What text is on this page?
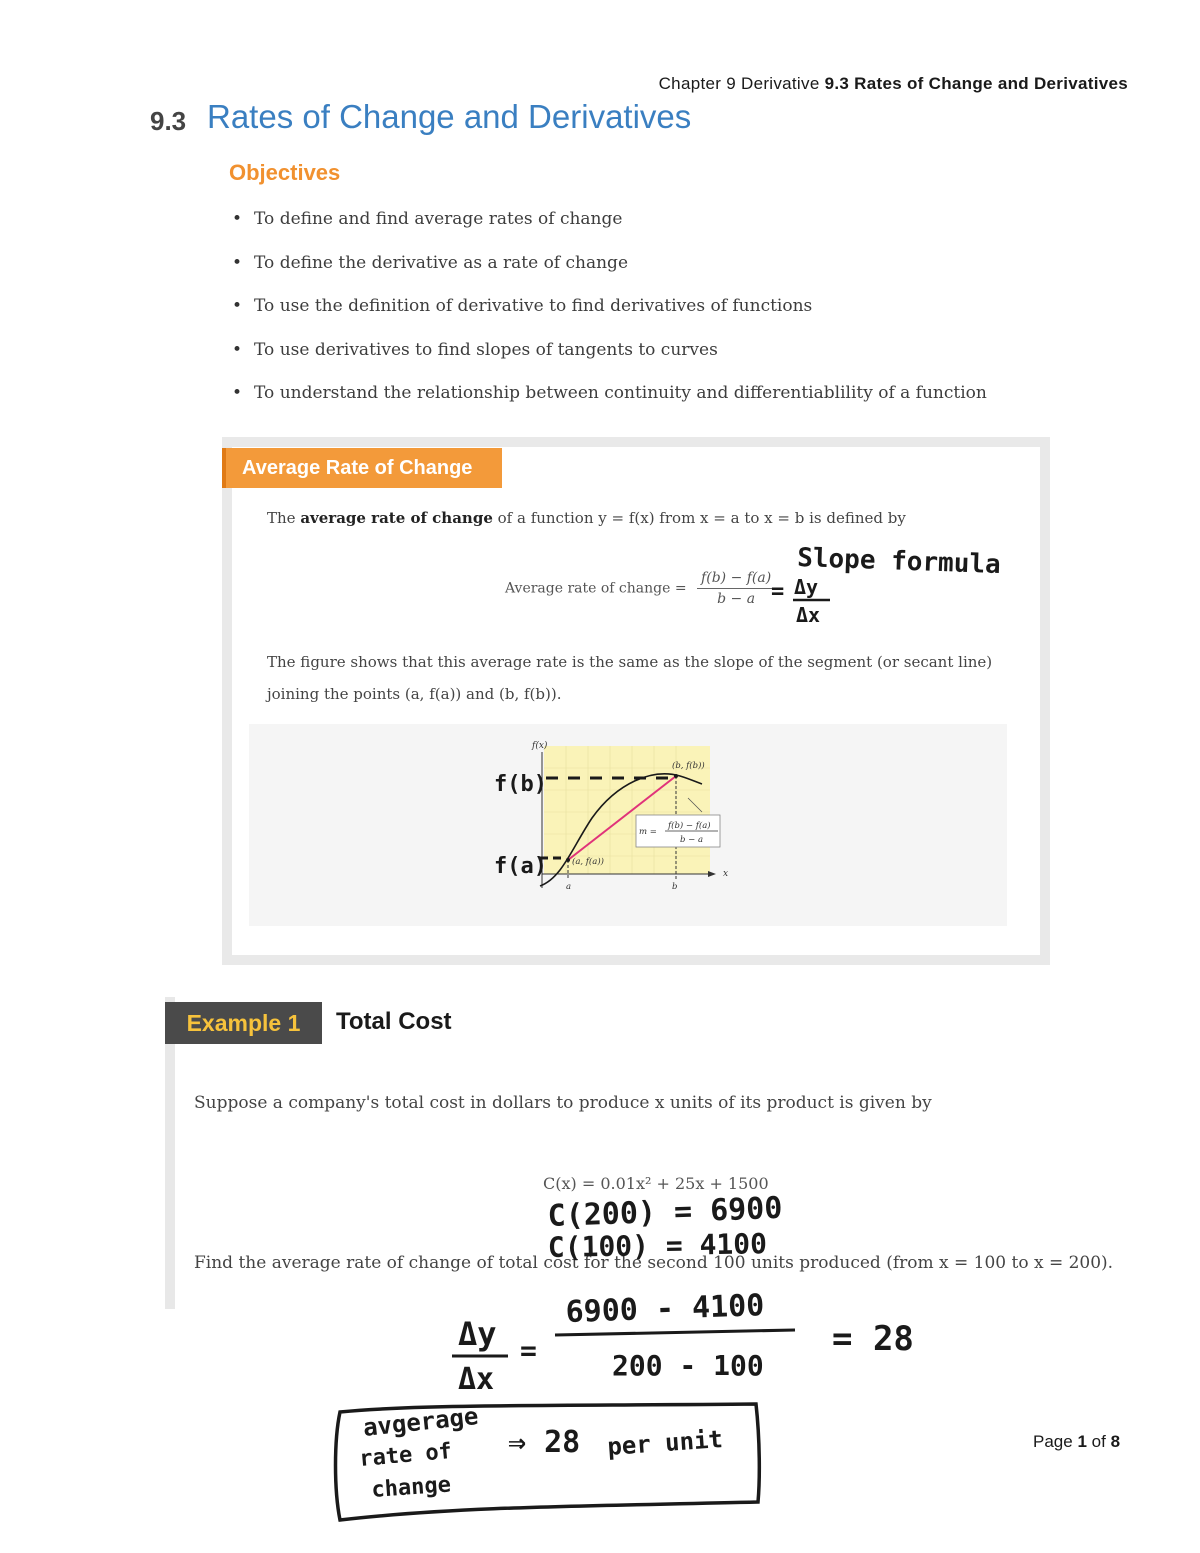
Chapter 9 Derivative 9.3 Rates of Change and Derivatives
9.3 Rates of Change and Derivatives
Objectives
• To define and find average rates of change
• To define the derivative as a rate of change
• To use the definition of derivative to find derivatives of functions
• To use derivatives to find slopes of tangents to curves
• To understand the relationship between continuity and differentiablility of a function
Average Rate of Change
The average rate of change of a function y = f(x) from x = a to x = b is defined by
Average rate of change = $\frac{f(b) - f(a)}{b - a}$
The figure shows that this average rate is the same as the slope of the segment (or secant line)
joining the points (a, f(a)) and (b, f(b)).
f(x)
x
(b, f(b))
(a, f(a))
a	b
m =
f(b) − f(a)
b − a
Example 1	Total Cost
Suppose a company's total cost in dollars to produce x units of its product is given by
C(x) = 0.01x² + 25x + 1500
Find the average rate of change of total cost for the second 100 units produced (from x = 100 to x = 200).
Page 1 of 8
Slope formula
= Δy
Δx
f(b)
f(a)
C(200) = 6900
C(100) = 4100
Δy
Δx
=
6900 - 4100
200 - 100
= 28
avgerage
rate of
change
⇒ 28 per unit
